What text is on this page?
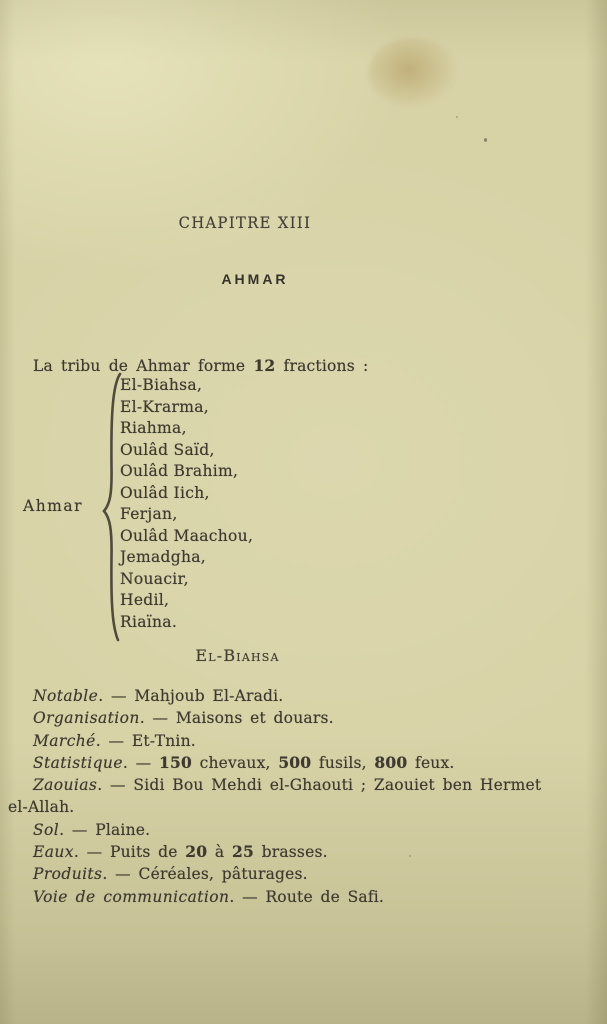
CHAPITRE XIII
AHMAR
La tribu de Ahmar forme 12 fractions :
Ahmar
El-Biahsa,
El-Krarma,
Riahma,
Oulâd Saïd,
Oulâd Brahim,
Oulâd Iich,
Ferjan,
Oulâd Maachou,
Jemadgha,
Nouacir,
Hedil,
Riaïna.
El-Biahsa
Notable. — Mahjoub El-Aradi.
Organisation. — Maisons et douars.
Marché. — Et-Tnin.
Statistique. — 150 chevaux, 500 fusils, 800 feux.
Zaouias. — Sidi Bou Mehdi el-Ghaouti ; Zaouiet ben Hermet
el-Allah.
Sol. — Plaine.
Eaux. — Puits de 20 à 25 brasses.
Produits. — Céréales, pâturages.
Voie de communication. — Route de Safi.
